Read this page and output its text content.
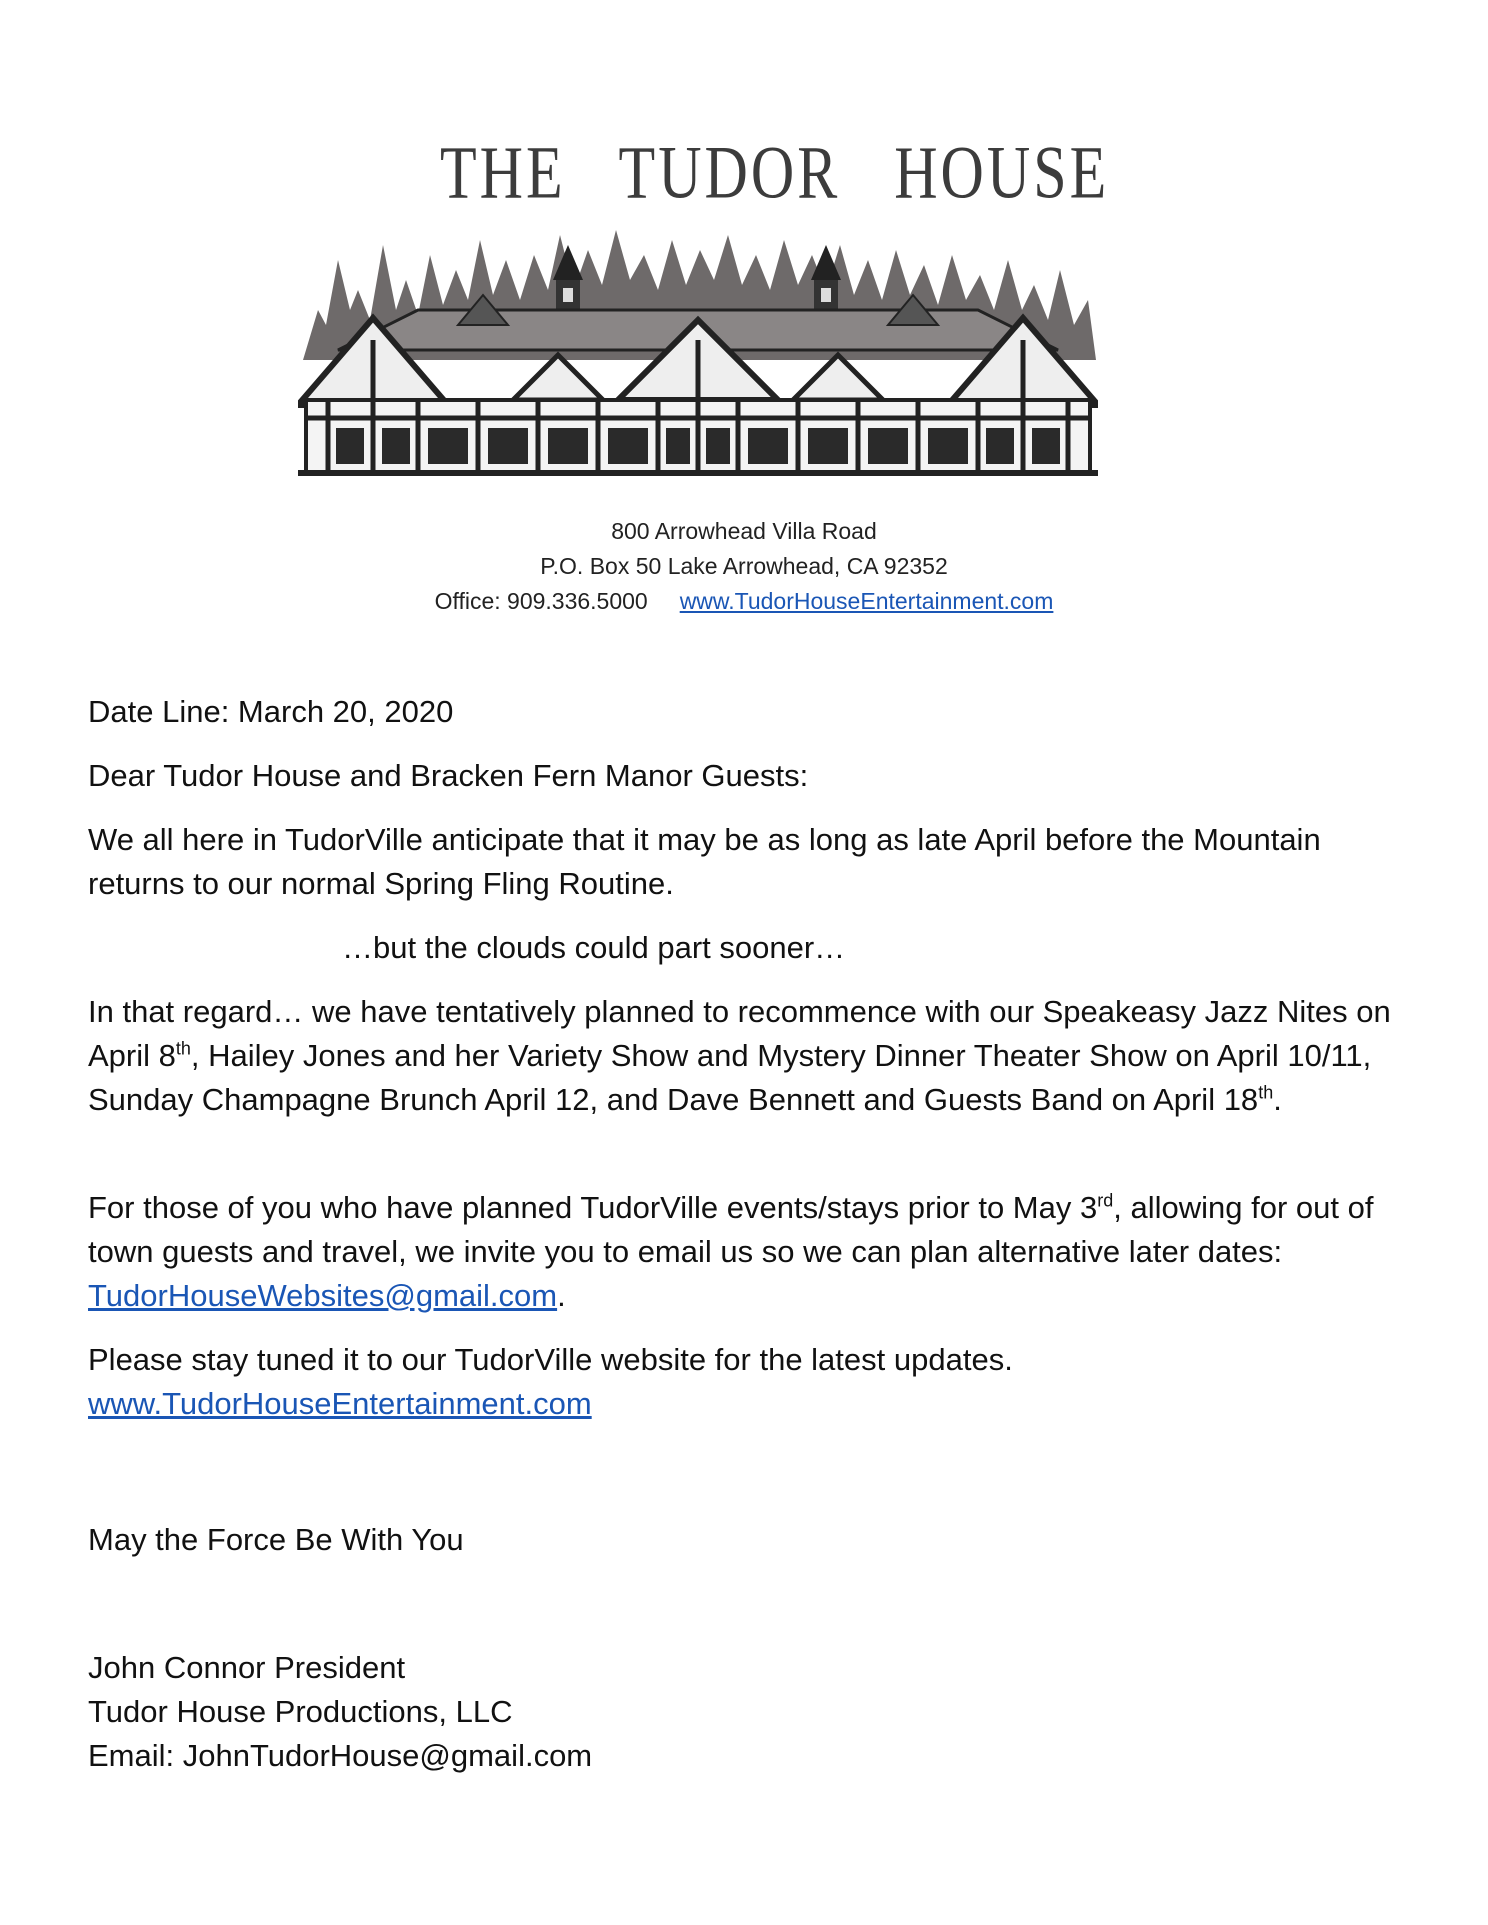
THE   TUDOR   HOUSE
800 Arrowhead Villa Road
P.O. Box 50 Lake Arrowhead, CA 92352
Office: 909.336.5000 www.TudorHouseEntertainment.com
Date Line: March 20, 2020
Dear Tudor House and Bracken Fern Manor Guests:
We all here in TudorVille anticipate that it may be as long as late April before the Mountain returns to our normal Spring Fling Routine.
…but the clouds could part sooner…
In that regard… we have tentatively planned to recommence with our Speakeasy Jazz Nites on April 8th, Hailey Jones and her Variety Show and Mystery Dinner Theater Show on April 10/11, Sunday Champagne Brunch April 12, and Dave Bennett and Guests Band on April 18th.
For those of you who have planned TudorVille events/stays prior to May 3rd, allowing for out of town guests and travel, we invite you to email us so we can plan alternative later dates: TudorHouseWebsites@gmail.com.
Please stay tuned it to our TudorVille website for the latest updates.
www.TudorHouseEntertainment.com
May the Force Be With You
John Connor President
Tudor House Productions, LLC
Email: JohnTudorHouse@gmail.com
